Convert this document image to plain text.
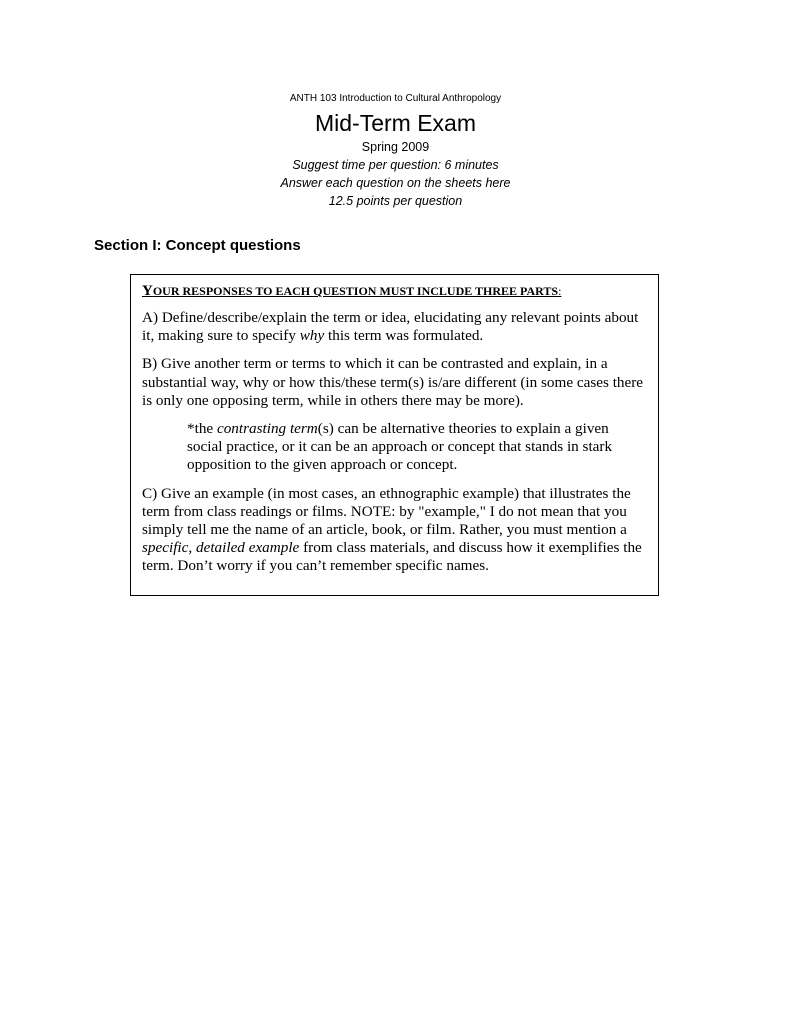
ANTH 103 Introduction to Cultural Anthropology
Mid-Term Exam
Spring 2009
Suggest time per question: 6 minutes
Answer each question on the sheets here
12.5 points per question
Section I: Concept questions
YOUR RESPONSES TO EACH QUESTION MUST INCLUDE THREE PARTS:

A) Define/describe/explain the term or idea, elucidating any relevant points about it, making sure to specify why this term was formulated.

B) Give another term or terms to which it can be contrasted and explain, in a substantial way, why or how this/these term(s) is/are different (in some cases there is only one opposing term, while in others there may be more).

*the contrasting term(s) can be alternative theories to explain a given social practice, or it can be an approach or concept that stands in stark opposition to the given approach or concept.

C) Give an example (in most cases, an ethnographic example) that illustrates the term from class readings or films. NOTE: by "example," I do not mean that you simply tell me the name of an article, book, or film. Rather, you must mention a specific, detailed example from class materials, and discuss how it exemplifies the term. Don’t worry if you can’t remember specific names.
